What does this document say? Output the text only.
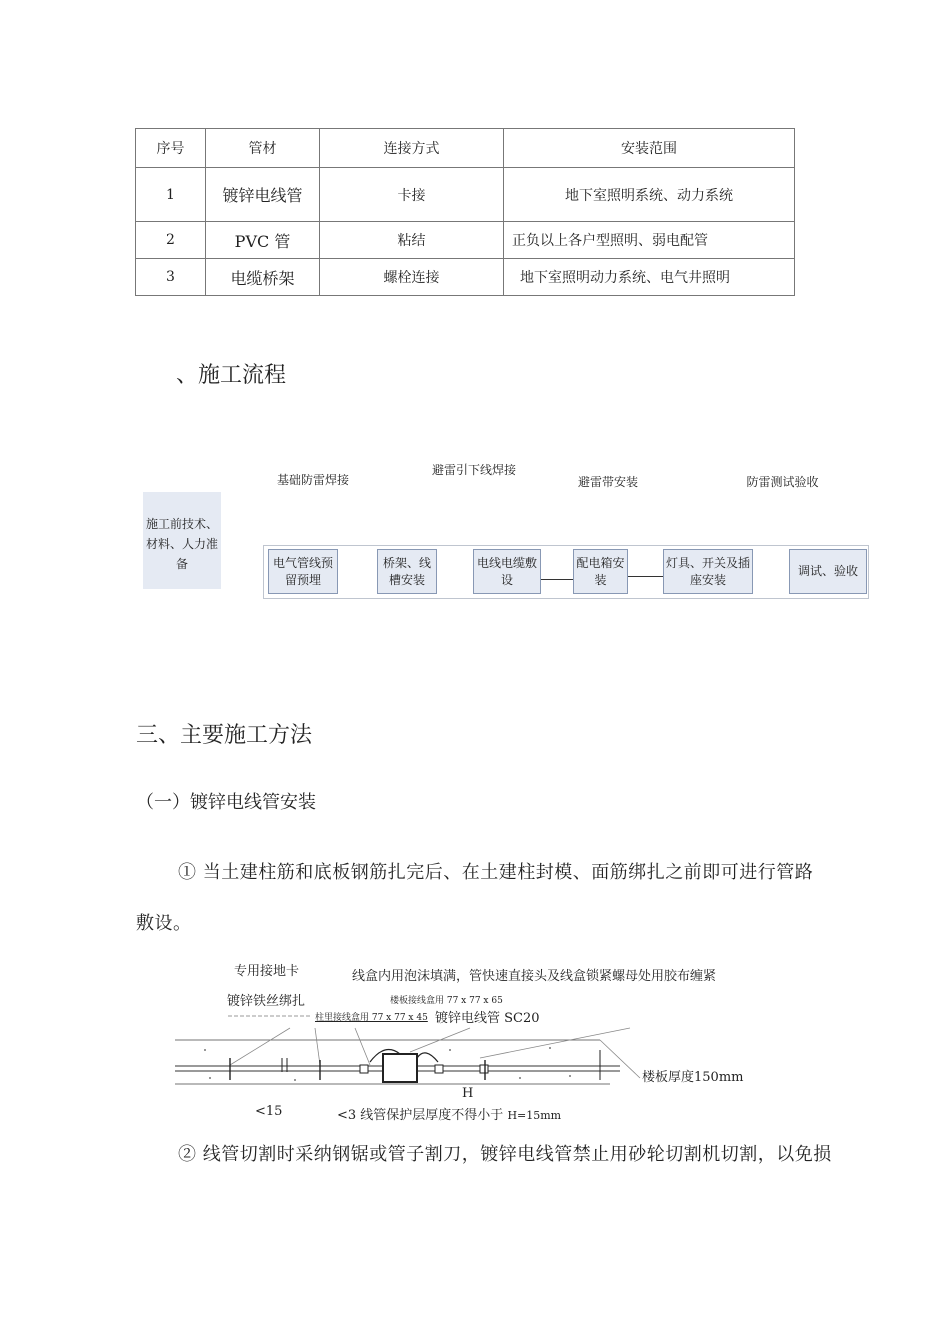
序号	管材	连接方式	安装范围
1	镀锌电线管	卡接	地下室照明系统、动力系统
2	PVC 管	粘结	正负以上各户型照明、弱电配管
3	电缆桥架	螺栓连接	地下室照明动力系统、电气井照明
、施工流程
基础防雷焊接
避雷引下线焊接
避雷带安装	防雷测试验收
施工前技术、材料、人力准备	电气管线预留预埋
桥架、线槽安装
电线电缆敷设
配电箱安装
灯具、开关及插座安装
调试、验收
三、主要施工方法
（一）镀锌电线管安装
① 当土建柱筋和底板钢筋扎完后、在土建柱封模、面筋绑扎之前即可进行管路
敷设。
专用接地卡	线盒内用泡沫填满，管快速直接头及线盒锁紧螺母处用胶布缠紧
镀锌铁丝绑扎	楼板接线盒用 77 x 77 x 65
柱里接线盒用 77 x 77 x 45 镀锌电线管 SC20
楼板厚度150mm
H
<15	<3 线管保护层厚度不得小于 H=15mm
② 线管切割时采纳钢锯或管子割刀，镀锌电线管禁止用砂轮切割机切割，以免损
